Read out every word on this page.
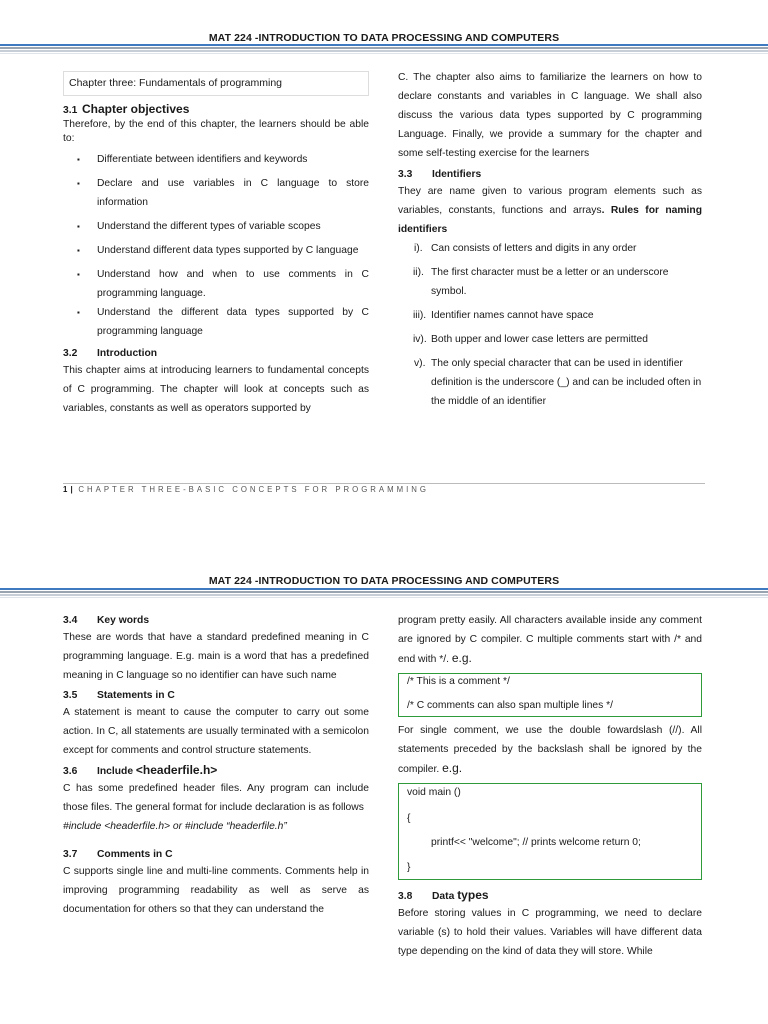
MAT 224 -INTRODUCTION TO DATA PROCESSING AND COMPUTERS
Chapter three: Fundamentals of programming
3.1 Chapter objectives

Therefore, by the end of this chapter, the learners should be able to:

▪ Differentiate between identifiers and keywords
▪ Declare and use variables in C language to store information
▪ Understand the different types of variable scopes
▪ Understand different data types supported by C language
▪ Understand how and when to use comments in C programming language.
▪ Understand the different data types supported by C programming language
3.2 Introduction

This chapter aims at introducing learners to fundamental concepts of C programming. The chapter will look at concepts such as variables, constants as well as operators supported by

C. The chapter also aims to familiarize the learners on how to declare constants and variables in C language. We shall also discuss the various data types supported by C programming Language. Finally, we provide a summary for the chapter and some self-testing exercise for the learners

3.3 Identifiers

They are name given to various program elements such as variables, constants, functions and arrays. Rules for naming identifiers

i). Can consists of letters and digits in any order
ii). The first character must be a letter or an underscore symbol.
iii). Identifier names cannot have space
iv). Both upper and lower case letters are permitted
v). The only special character that can be used in identifier definition is the underscore (_) and can be included often in the middle of an identifier
1 | CHAPTER THREE-BASIC CONCEPTS FOR PROGRAMMING
MAT 224 -INTRODUCTION TO DATA PROCESSING AND COMPUTERS
3.4 Key words

These are words that have a standard predefined meaning in C programming language. E.g. main is a word that has a predefined meaning in C language so no identifier can have such name

3.5 Statements in C

A statement is meant to cause the computer to carry out some action. In C, all statements are usually terminated with a semicolon except for comments and control structure statements.

3.6 Include <headerfile.h>

C has some predefined header files. Any program can include those files. The general format for include declaration is as follows

#include <headerfile.h> or #include “headerfile.h”

3.7 Comments in C

C supports single line and multi-line comments. Comments help in improving programming readability as well as serve as documentation for others so that they can understand the

program pretty easily. All characters available inside any comment are ignored by C compiler. C multiple comments start with /* and end with */. e.g.

/* This is a comment */
/* C comments can also span multiple lines */

For single comment, we use the double fowardslash (//). All statements preceded by the backslash shall be ignored by the compiler. e.g.

void main ()
{
printf<< "welcome"; // prints welcome return 0;
}
3.8 Data types

Before storing values in C programming, we need to declare variable (s) to hold their values. Variables will have different data type depending on the kind of data they will store. While
